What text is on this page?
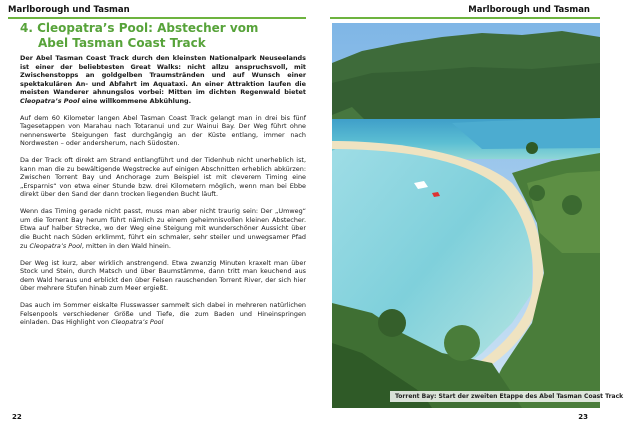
Marlborough und Tasman
4. Cleopatra’s Pool: Abstecher vom
Abel Tasman Coast Track

Der Abel Tasman Coast Track durch den kleinsten Nationalpark Neuseelands ist einer der beliebtesten Great Walks: nicht allzu anspruchsvoll, mit Zwischenstopps an goldgelben Traumstränden und auf Wunsch einer spektakulären An- und Abfahrt im Aquataxi. An einer Attraktion laufen die meisten Wanderer ahnungslos vorbei: Mitten im dichten Regenwald bietet Cleopatra’s Pool eine willkommene Abkühlung.

Auf dem 60 Kilometer langen Abel Tasman Coast Track gelangt man in drei bis fünf Tagesetappen von Marahau nach Totaranui und zur Wainui Bay. Der Weg führt ohne nennenswerte Steigungen fast durchgängig an der Küste entlang, immer nach Nordwesten – oder andersherum, nach Südosten.

Da der Track oft direkt am Strand entlangführt und der Tidenhub nicht unerheblich ist, kann man die zu bewältigende Wegstrecke auf einigen Abschnitten erheblich abkürzen: Zwischen Torrent Bay und Anchorage zum Beispiel ist mit cleverem Timing eine „Ersparnis“ von etwa einer Stunde bzw. drei Kilometern möglich, wenn man bei Ebbe direkt über den Sand der dann trocken liegenden Bucht läuft.

Wenn das Timing gerade nicht passt, muss man aber nicht traurig sein: Der „Umweg“ um die Torrent Bay herum führt nämlich zu einem geheimnisvollen kleinen Abstecher. Etwa auf halber Strecke, wo der Weg eine Steigung mit wunderschöner Aussicht über die Bucht nach Süden erklimmt, führt ein schmaler, sehr steiler und unwegsamer Pfad zu Cleopatra’s Pool, mitten in den Wald hinein.

Der Weg ist kurz, aber wirklich anstrengend. Etwa zwanzig Minuten kraxelt man über Stock und Stein, durch Matsch und über Baumstämme, dann tritt man keuchend aus dem Wald heraus und erblickt den über Felsen rauschenden Torrent River, der sich hier über mehrere Stufen hinab zum Meer ergießt.

Das auch im Sommer eiskalte Flusswasser sammelt sich dabei in mehreren natürlichen Felsenpools verschiedener Größe und Tiefe, die zum Baden und Hineinspringen einladen. Das Highlight von Cleopatra’s Pool

22
Marlborough und Tasman
Torrent Bay: Start der zweiten Etappe des Abel Tasman Coast Track
23
